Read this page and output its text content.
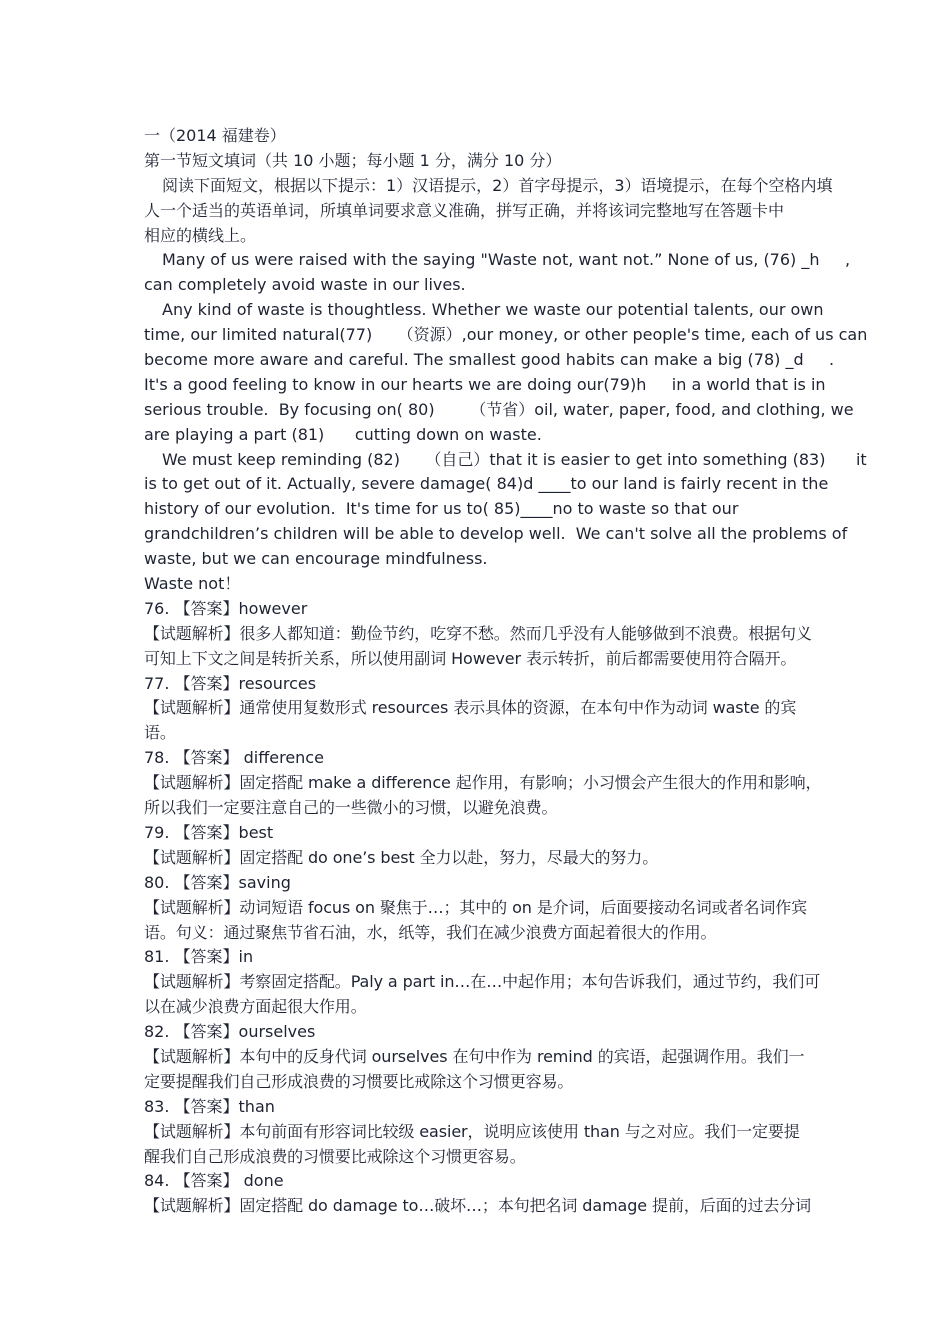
一（2014 福建卷）
第一节短文填词（共 10 小题；每小题 1 分，满分 10 分）
阅读下面短文，根据以下提示：1）汉语提示，2）首字母提示，3）语境提示，在每个空格内填
人一个适当的英语单词，所填单词要求意义准确，拼写正确，并将该词完整地写在答题卡中
相应的横线上。
Many of us were raised with the saying "Waste not, want not.” None of us, (76) _h     ,
can completely avoid waste in our lives.
Any kind of waste is thoughtless. Whether we waste our potential talents, our own
time, our limited natural(77)     （资源）,our money, or other people's time, each of us can
become more aware and careful. The smallest good habits can make a big (78) _d     .
It's a good feeling to know in our hearts we are doing our(79)h     in a world that is in
serious trouble.  By focusing on( 80)       （节省）oil, water, paper, food, and clothing, we
are playing a part (81)      cutting down on waste.
We must keep reminding (82)     （自己）that it is easier to get into something (83)      it
is to get out of it. Actually, severe damage( 84)d ____to our land is fairly recent in the
history of our evolution.  It's time for us to( 85)____no to waste so that our
grandchildren’s children will be able to develop well.  We can't solve all the problems of
waste, but we can encourage mindfulness.
Waste not！
76. 【答案】however
【试题解析】很多人都知道：勤俭节约，吃穿不愁。然而几乎没有人能够做到不浪费。根据句义
可知上下文之间是转折关系，所以使用副词 However 表示转折，前后都需要使用符合隔开。
77. 【答案】resources
【试题解析】通常使用复数形式 resources 表示具体的资源，在本句中作为动词 waste 的宾
语。
78. 【答案】 difference
【试题解析】固定搭配 make a difference 起作用，有影响；小习惯会产生很大的作用和影响，
所以我们一定要注意自己的一些微小的习惯，以避免浪费。
79. 【答案】best
【试题解析】固定搭配 do one’s best 全力以赴，努力，尽最大的努力。
80. 【答案】saving
【试题解析】动词短语 focus on 聚焦于…；其中的 on 是介词，后面要接动名词或者名词作宾
语。句义：通过聚焦节省石油，水，纸等，我们在减少浪费方面起着很大的作用。
81. 【答案】in
【试题解析】考察固定搭配。Paly a part in…在…中起作用；本句告诉我们，通过节约，我们可
以在减少浪费方面起很大作用。
82. 【答案】ourselves
【试题解析】本句中的反身代词 ourselves 在句中作为 remind 的宾语，起强调作用。我们一
定要提醒我们自己形成浪费的习惯要比戒除这个习惯更容易。
83. 【答案】than
【试题解析】本句前面有形容词比较级 easier，说明应该使用 than 与之对应。我们一定要提
醒我们自己形成浪费的习惯要比戒除这个习惯更容易。
84. 【答案】 done
【试题解析】固定搭配 do damage to…破坏…；本句把名词 damage 提前，后面的过去分词
